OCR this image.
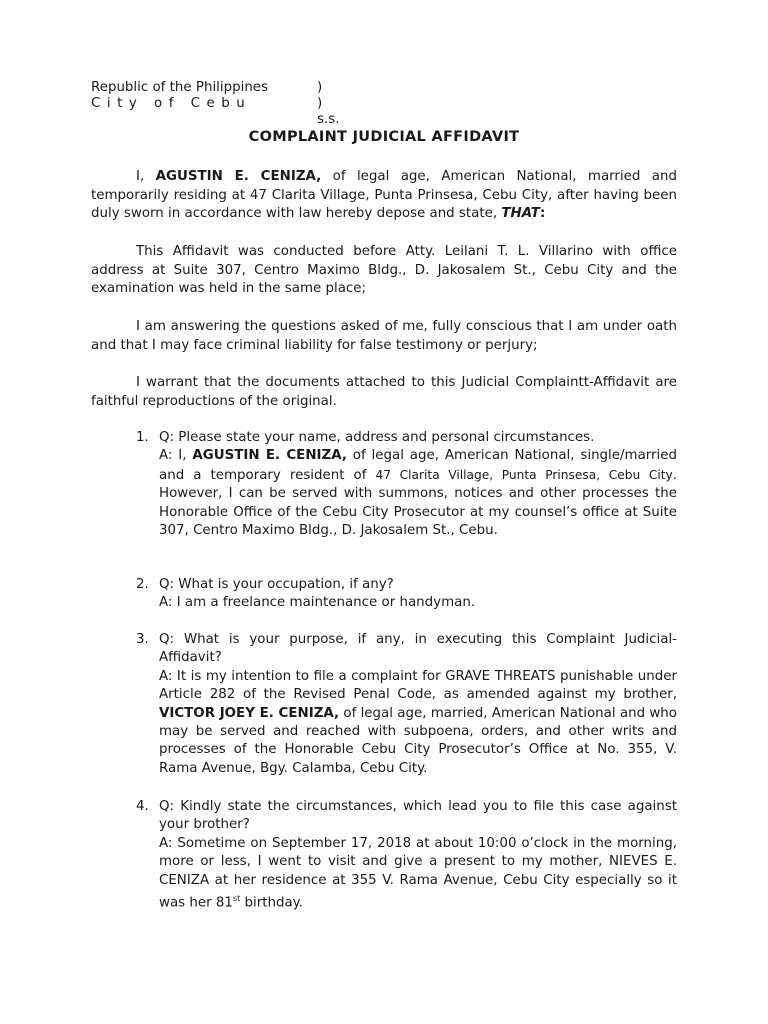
Republic of the Philippines	)
City of Cebu	) s.s.
COMPLAINT JUDICIAL AFFIDAVIT

I, AGUSTIN E. CENIZA, of legal age, American National, married and temporarily residing at 47 Clarita Village, Punta Prinsesa, Cebu City, after having been duly sworn in accordance with law hereby depose and state, THAT:

This Affidavit was conducted before Atty. Leilani T. L. Villarino with office address at Suite 307, Centro Maximo Bldg., D. Jakosalem St., Cebu City and the examination was held in the same place;

I am answering the questions asked of me, fully conscious that I am under oath and that I may face criminal liability for false testimony or perjury;

I warrant that the documents attached to this Judicial Complaintt-Affidavit are faithful reproductions of the original.

1. Q: Please state your name, address and personal circumstances.
A: I, AGUSTIN E. CENIZA, of legal age, American National, single/married and a temporary resident of 47 Clarita Village, Punta Prinsesa, Cebu City. However, I can be served with summons, notices and other processes the Honorable Office of the Cebu City Prosecutor at my counsel’s office at Suite 307, Centro Maximo Bldg., D. Jakosalem St., Cebu.
2. Q: What is your occupation, if any?
A: I am a freelance maintenance or handyman.
3. Q: What is your purpose, if any, in executing this Complaint Judicial-Affidavit?
A: It is my intention to file a complaint for GRAVE THREATS punishable under Article 282 of the Revised Penal Code, as amended against my brother, VICTOR JOEY E. CENIZA, of legal age, married, American National and who may be served and reached with subpoena, orders, and other writs and processes of the Honorable Cebu City Prosecutor’s Office at No. 355, V. Rama Avenue, Bgy. Calamba, Cebu City.
4. Q: Kindly state the circumstances, which lead you to file this case against your brother?
A: Sometime on September 17, 2018 at about 10:00 o’clock in the morning, more or less, I went to visit and give a present to my mother, NIEVES E. CENIZA at her residence at 355 V. Rama Avenue, Cebu City especially so it was her 81st birthday.
